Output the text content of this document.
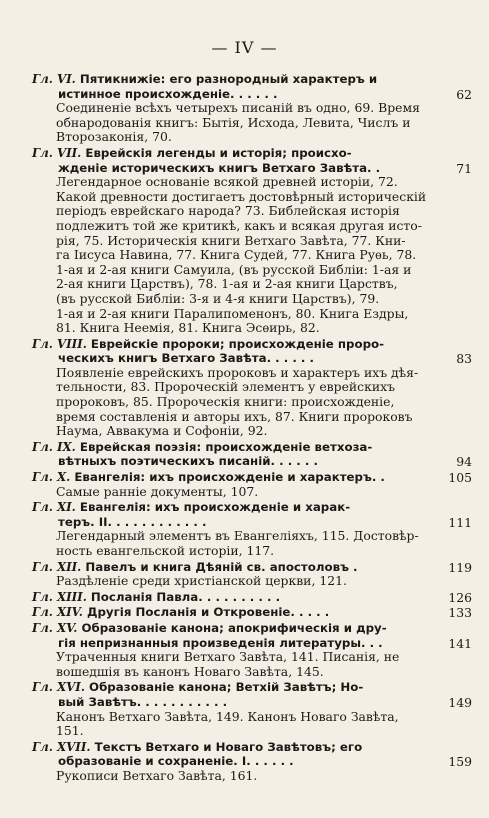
— IV —
Гл. VI. Пятикнижіе: его разнородный характеръ и
истинное происхожденіе. . . . . .	62
Соединеніе всѣхъ четырехъ писаній въ одно, 69. Время
обнародованія книгъ: Бытія, Исхода, Левита, Числъ и
Второзаконія, 70.
Гл. VII. Еврейскія легенды и исторія; происхо-
жденіе историческихъ книгъ Ветхаго Завѣта. .	71
Легендарное основаніе всякой древней исторіи, 72.
Какой древности достигаетъ достовѣрный историческій
періодъ еврейскаго народа? 73. Библейская исторія
подлежитъ той же критикѣ, какъ и всякая другая исто-
рія, 75. Историческія книги Ветхаго Завѣта, 77. Кни-
га Іисуса Навина, 77. Книга Судей, 77. Книга Руѳь, 78.
1-ая и 2-ая книги Самуила, (въ русской Библіи: 1-ая и
2-ая книги Царствъ), 78. 1-ая и 2-ая книги Царствъ,
(въ русской Библіи: 3-я и 4-я книги Царствъ), 79.
1-ая и 2-ая книги Паралипоменонъ, 80. Книга Ездры,
81. Книга Неемія, 81. Книга Эсѳирь, 82.
Гл. VIII. Еврейскіе пророки; происхожденіе проро-
ческихъ книгъ Ветхаго Завѣта. . . . . .	83
Появленіе еврейскихъ пророковъ и характеръ ихъ дѣя-
тельности, 83. Пророческій элементъ у еврейскихъ
пророковъ, 85. Пророческія книги: происхожденіе,
время составленія и авторы ихъ, 87. Книги пророковъ
Наума, Аввакума и Софоніи, 92.
Гл. IX. Еврейская поэзія: происхожденіе ветхоза-
вѣтныхъ поэтическихъ писаній. . . . . .	94
Гл. X. Евангелія: ихъ происхожденіе и характеръ. .	105
Самые ранніе документы, 107.
Гл. XI. Евангелія: ихъ происхожденіе и харак-
теръ. II. . . . . . . . . . . .	111
Легендарный элементъ въ Евангеліяхъ, 115. Достовѣр-
ность евангельской исторіи, 117.
Гл. XII. Павелъ и книга Дѣяній св. апостоловъ .	119
Раздѣленіе среди христіанской церкви, 121.
Гл. XIII. Посланія Павла. . . . . . . . . .	126
Гл. XIV. Другія Посланія и Откровеніе. . . . .	133
Гл. XV. Образованіе канона; апокрифическія и дру-
гія непризнанныя произведенія литературы. . .	141
Утраченныя книги Ветхаго Завѣта, 141. Писанія, не
вошедшія въ канонъ Новаго Завѣта, 145.
Гл. XVI. Образованіе канона; Ветхій Завѣтъ; Но-
вый Завѣтъ. . . . . . . . . . .	149
Канонъ Ветхаго Завѣта, 149. Канонъ Новаго Завѣта,
151.
Гл. XVII. Текстъ Ветхаго и Новаго Завѣтовъ; его
образованіе и сохраненіе. I. . . . . .	159
Рукописи Ветхаго Завѣта, 161.
